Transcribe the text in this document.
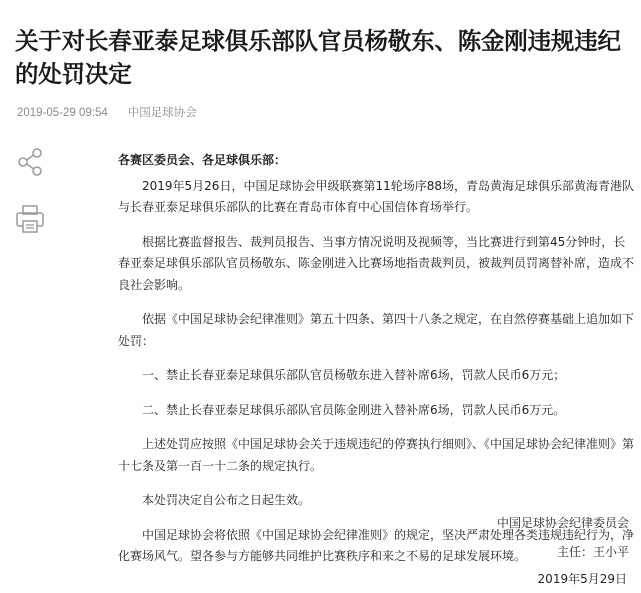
关于对长春亚泰足球俱乐部队官员杨敬东、陈金刚违规违纪的处罚决定
2019-05-29 09:54 中国足球协会

各赛区委员会、各足球俱乐部：

2019年5月26日，中国足球协会甲级联赛第11轮场序88场，青岛黄海足球俱乐部黄海青港队与长春亚泰足球俱乐部队的比赛在青岛市体育中心国信体育场举行。

根据比赛监督报告、裁判员报告、当事方情况说明及视频等，当比赛进行到第45分钟时，长春亚泰足球俱乐部队官员杨敬东、陈金刚进入比赛场地指责裁判员，被裁判员罚离替补席，造成不良社会影响。

依据《中国足球协会纪律准则》第五十四条、第四十八条之规定，在自然停赛基础上追加如下处罚：

一、禁止长春亚泰足球俱乐部队官员杨敬东进入替补席6场，罚款人民币6万元；

二、禁止长春亚泰足球俱乐部队官员陈金刚进入替补席6场，罚款人民币6万元。

上述处罚应按照《中国足球协会关于违规违纪的停赛执行细则》、《中国足球协会纪律准则》第十七条及第一百一十二条的规定执行。

本处罚决定自公布之日起生效。

中国足球协会将依照《中国足球协会纪律准则》的规定，坚决严肃处理各类违规违纪行为，净化赛场风气。望各参与方能够共同维护比赛秩序和来之不易的足球发展环境。

中国足球协会纪律委员会
主任：王小平
2019年5月29日
